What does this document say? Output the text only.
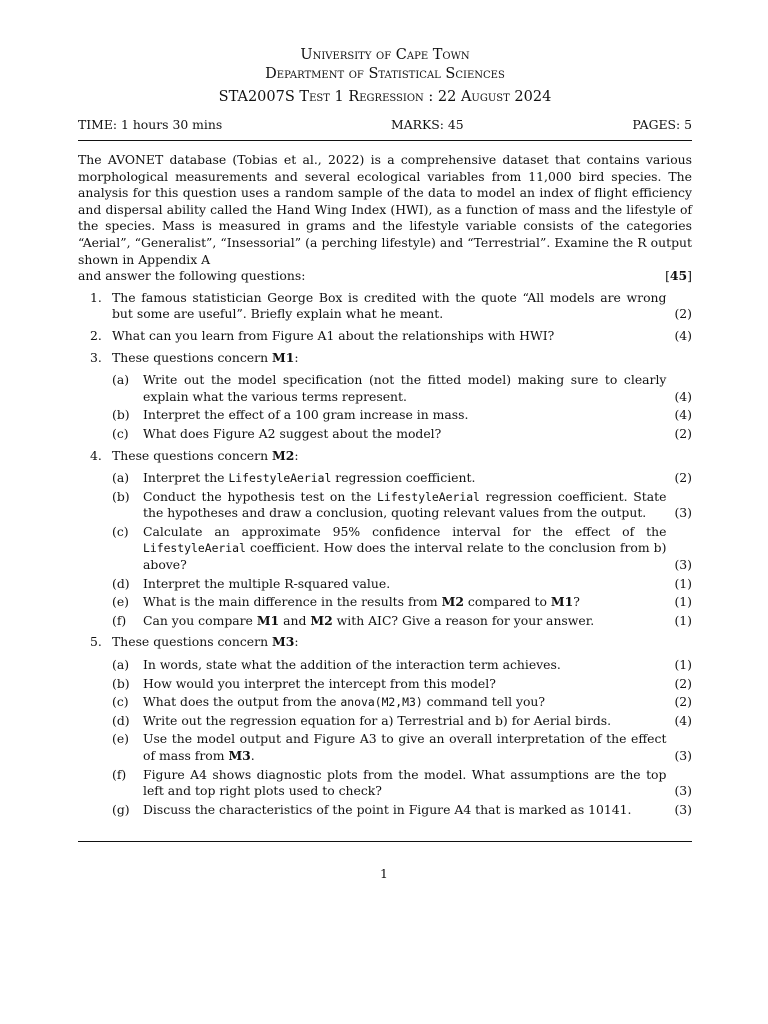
University of Cape Town
Department of Statistical Sciences
STA2007S Test 1 Regression : 22 August 2024
TIME: 1 hours 30 mins	MARKS: 45	PAGES: 5
The AVONET database (Tobias et al., 2022) is a comprehensive dataset that contains various morphological measurements and several ecological variables from 11,000 bird species. The analysis for this question uses a random sample of the data to model an index of flight efficiency and dispersal ability called the Hand Wing Index (HWI), as a function of mass and the lifestyle of the species. Mass is measured in grams and the lifestyle variable consists of the categories “Aerial”, “Generalist”, “Insessorial” (a perching lifestyle) and “Terrestrial”. Examine the R output shown in Appendix A
and answer the following questions:	[45]
1. The famous statistician George Box is credited with the quote “All models are wrong but some are useful”. Briefly explain what he meant.	(2)
2. What can you learn from Figure A1 about the relationships with HWI?	(4)
3. These questions concern M1:
(a) Write out the model specification (not the fitted model) making sure to clearly explain what the various terms represent.	(4)
(b) Interpret the effect of a 100 gram increase in mass.	(4)
(c) What does Figure A2 suggest about the model?	(2)
4. These questions concern M2:
(a) Interpret the LifestyleAerial regression coefficient.	(2)
(b) Conduct the hypothesis test on the LifestyleAerial regression coefficient. State the hypotheses and draw a conclusion, quoting relevant values from the output.	(3)
(c) Calculate an approximate 95% confidence interval for the effect of the LifestyleAerial coefficient. How does the interval relate to the conclusion from b) above?	(3)
(d) Interpret the multiple R-squared value.	(1)
(e) What is the main difference in the results from M2 compared to M1?	(1)
(f) Can you compare M1 and M2 with AIC? Give a reason for your answer.	(1)
5. These questions concern M3:
(a) In words, state what the addition of the interaction term achieves.	(1)
(b) How would you interpret the intercept from this model?	(2)
(c) What does the output from the anova(M2,M3) command tell you?	(2)
(d) Write out the regression equation for a) Terrestrial and b) for Aerial birds.	(4)
(e) Use the model output and Figure A3 to give an overall interpretation of the effect of mass from M3.	(3)
(f) Figure A4 shows diagnostic plots from the model. What assumptions are the top left and top right plots used to check?	(3)
(g) Discuss the characteristics of the point in Figure A4 that is marked as 10141.	(3)
1
